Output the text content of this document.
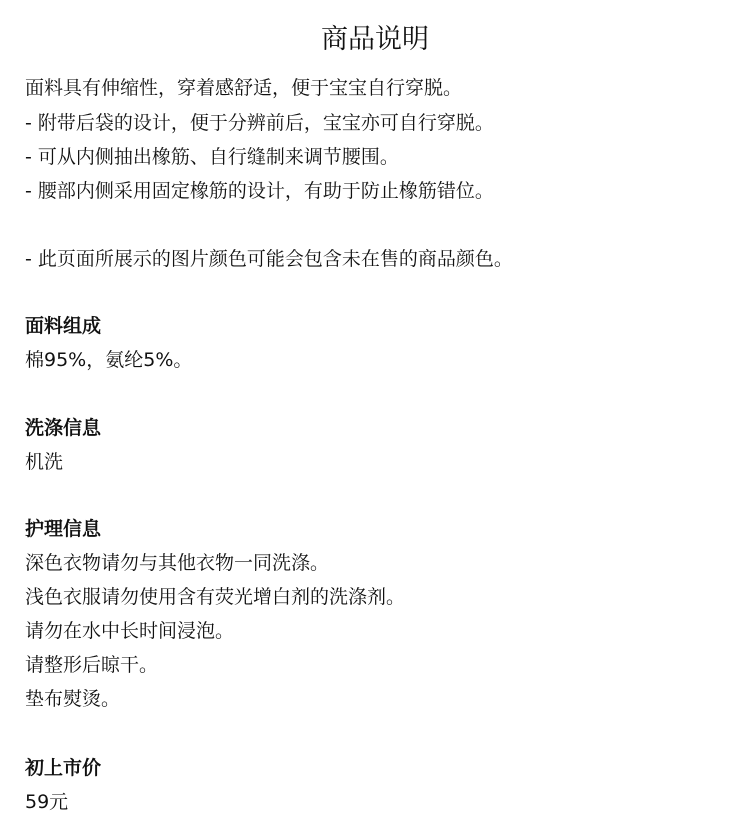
商品说明
面料具有伸缩性，穿着感舒适，便于宝宝自行穿脱。
- 附带后袋的设计，便于分辨前后，宝宝亦可自行穿脱。
- 可从内侧抽出橡筋、自行缝制来调节腰围。
- 腰部内侧采用固定橡筋的设计，有助于防止橡筋错位。
- 此页面所展示的图片颜色可能会包含未在售的商品颜色。
面料组成
棉95%，氨纶5%。
洗涤信息
机洗
护理信息
深色衣物请勿与其他衣物一同洗涤。
浅色衣服请勿使用含有荧光增白剂的洗涤剂。
请勿在水中长时间浸泡。
请整形后晾干。
垫布熨烫。
初上市价
59元
